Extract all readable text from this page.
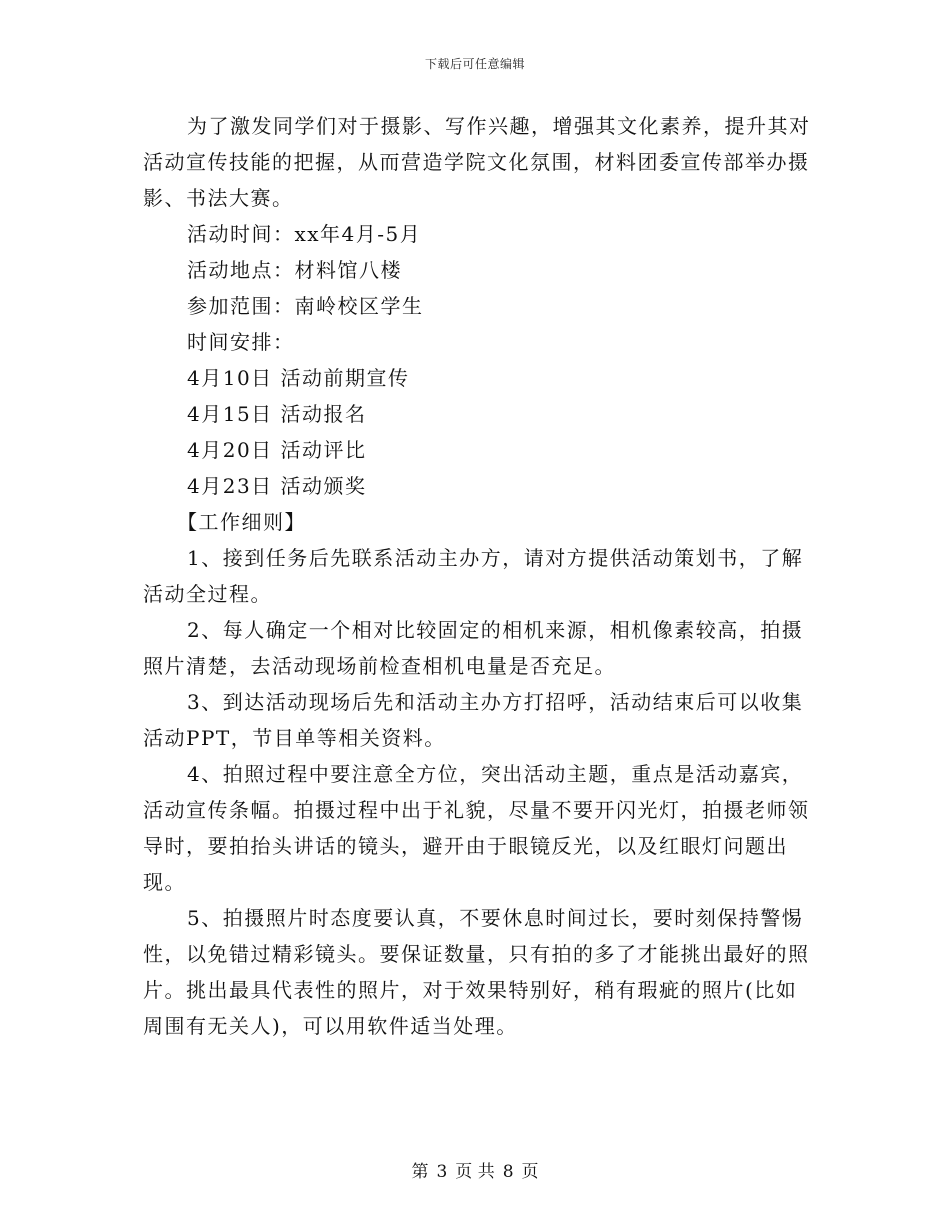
下载后可任意编辑

为了激发同学们对于摄影、写作兴趣，增强其文化素养，提升其对活动宣传技能的把握，从而营造学院文化氛围，材料团委宣传部举办摄影、书法大赛。

活动时间：xx年4月-5月

活动地点：材料馆八楼

参加范围：南岭校区学生

时间安排：

4月10日 活动前期宣传

4月15日 活动报名

4月20日 活动评比

4月23日 活动颁奖

【工作细则】

1、接到任务后先联系活动主办方，请对方提供活动策划书，了解活动全过程。

2、每人确定一个相对比较固定的相机来源，相机像素较高，拍摄照片清楚，去活动现场前检查相机电量是否充足。

3、到达活动现场后先和活动主办方打招呼，活动结束后可以收集活动PPT，节目单等相关资料。

4、拍照过程中要注意全方位，突出活动主题，重点是活动嘉宾，活动宣传条幅。拍摄过程中出于礼貌，尽量不要开闪光灯，拍摄老师领导时，要拍抬头讲话的镜头，避开由于眼镜反光，以及红眼灯问题出现。

5、拍摄照片时态度要认真，不要休息时间过长，要时刻保持警惕性，以免错过精彩镜头。要保证数量，只有拍的多了才能挑出最好的照片。挑出最具代表性的照片，对于效果特别好，稍有瑕疵的照片(比如周围有无关人)，可以用软件适当处理。

第 3 页 共 8 页
